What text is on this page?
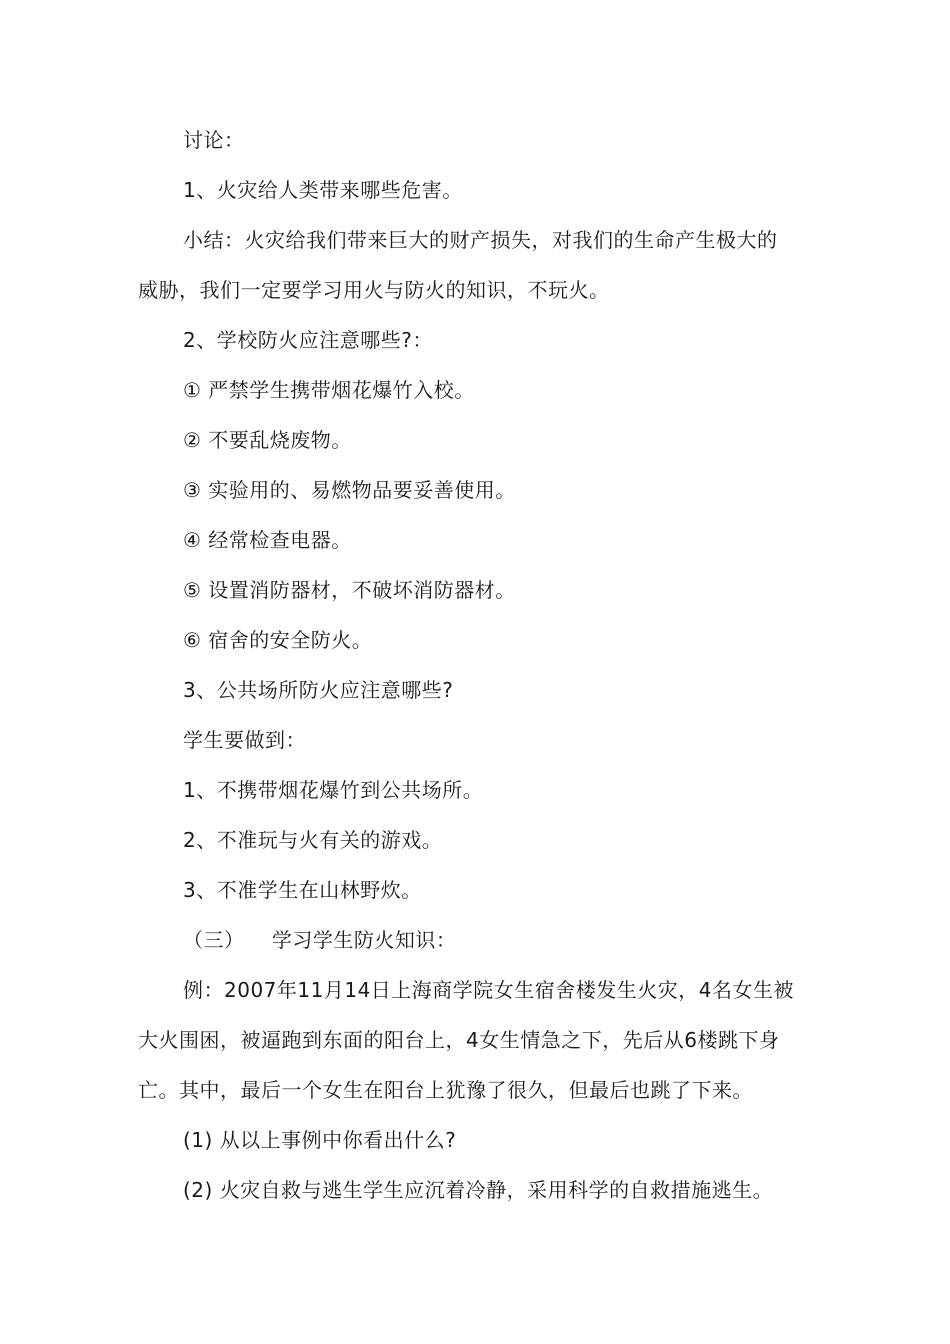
讨论：
1、火灾给人类带来哪些危害。
小结：火灾给我们带来巨大的财产损失，对我们的生命产生极大的
威胁，我们一定要学习用火与防火的知识，不玩火。
2、学校防火应注意哪些?：
① 严禁学生携带烟花爆竹入校。
② 不要乱烧废物。
③ 实验用的、易燃物品要妥善使用。
④ 经常检查电器。
⑤ 设置消防器材，不破坏消防器材。
⑥ 宿舍的安全防火。
3、公共场所防火应注意哪些?
学生要做到：
1、不携带烟花爆竹到公共场所。
2、不准玩与火有关的游戏。
3、不准学生在山林野炊。
（三）    学习学生防火知识：
例：2007年11月14日上海商学院女生宿舍楼发生火灾，4名女生被
大火围困，被逼跑到东面的阳台上，4女生情急之下，先后从6楼跳下身
亡。其中，最后一个女生在阳台上犹豫了很久，但最后也跳了下来。
(1) 从以上事例中你看出什么?
(2) 火灾自救与逃生学生应沉着冷静，采用科学的自救措施逃生。
